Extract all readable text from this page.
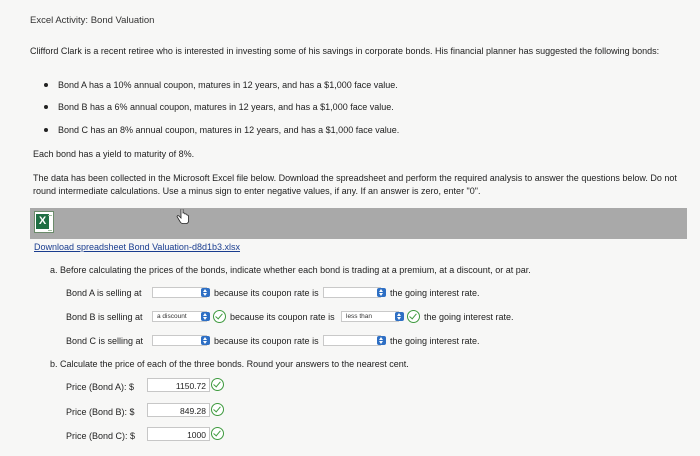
Excel Activity: Bond Valuation
Clifford Clark is a recent retiree who is interested in investing some of his savings in corporate bonds. His financial planner has suggested the following bonds:
Bond A has a 10% annual coupon, matures in 12 years, and has a $1,000 face value.
Bond B has a 6% annual coupon, matures in 12 years, and has a $1,000 face value.
Bond C has an 8% annual coupon, matures in 12 years, and has a $1,000 face value.
Each bond has a yield to maturity of 8%.
The data has been collected in the Microsoft Excel file below. Download the spreadsheet and perform the required analysis to answer the questions below. Do not round intermediate calculations. Use a minus sign to enter negative values, if any. If an answer is zero, enter "0".
X
Download spreadsheet Bond Valuation-d8d1b3.xlsx
a. Before calculating the prices of the bonds, indicate whether each bond is trading at a premium, at a discount, or at par.
Bond A is selling at	because its coupon rate is	the going interest rate.
Bond B is selling at a discount	because its coupon rate is less than	the going interest rate.
Bond C is selling at	because its coupon rate is	the going interest rate.
b. Calculate the price of each of the three bonds. Round your answers to the nearest cent.
Price (Bond A): $	1150.72
Price (Bond B): $	849.28
Price (Bond C): $	1000
